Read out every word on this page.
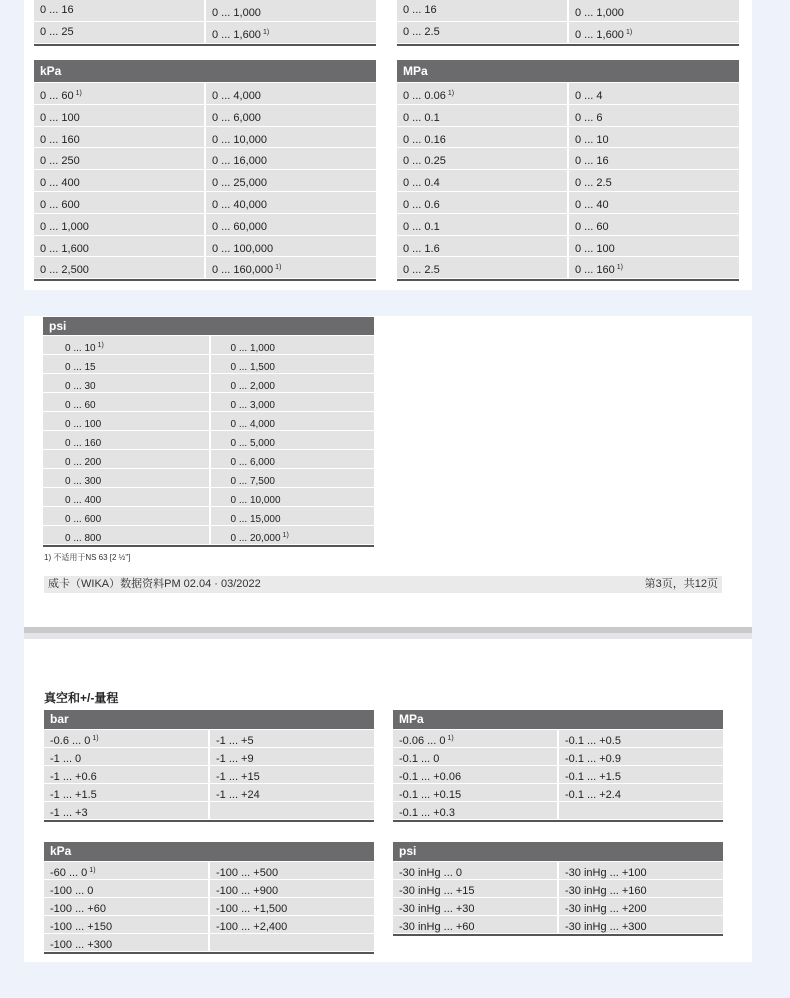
0 ... 16	0 ... 1,000
0 ... 25	0 ... 1,600 $^{1)}$
0 ... 16	0 ... 1,000
0 ... 2.5	0 ... 1,600 $^{1)}$
kPa
0 ... 60 $^{1)}$	0 ... 4,000
0 ... 100	0 ... 6,000
0 ... 160	0 ... 10,000
0 ... 250	0 ... 16,000
0 ... 400	0 ... 25,000
0 ... 600	0 ... 40,000
0 ... 1,000	0 ... 60,000
0 ... 1,600	0 ... 100,000
0 ... 2,500	0 ... 160,000 $^{1)}$
MPa
0 ... 0.06 $^{1)}$	0 ... 4
0 ... 0.1	0 ... 6
0 ... 0.16	0 ... 10
0 ... 0.25	0 ... 16
0 ... 0.4	0 ... 2.5
0 ... 0.6	0 ... 40
0 ... 0.1	0 ... 60
0 ... 1.6	0 ... 100
0 ... 2.5	0 ... 160 $^{1)}$
psi
0 ... 10 $^{1)}$	0 ... 1,000
0 ... 15	0 ... 1,500
0 ... 30	0 ... 2,000
0 ... 60	0 ... 3,000
0 ... 100	0 ... 4,000
0 ... 160	0 ... 5,000
0 ... 200	0 ... 6,000
0 ... 300	0 ... 7,500
0 ... 400	0 ... 10,000
0 ... 600	0 ... 15,000
0 ... 800	0 ... 20,000 $^{1)}$
1) 不适用于NS 63 [2 ½"]
威卡（WIKA）数据资料PM 02.04 · 03/2022	第3页，共12页
真空和+/-量程
bar
-0.6 ... 0 $^{1)}$	-1 ... +5
-1 ... 0	-1 ... +9
-1 ... +0.6	-1 ... +15
-1 ... +1.5	-1 ... +24
-1 ... +3
MPa
-0.06 ... 0 $^{1)}$	-0.1 ... +0.5
-0.1 ... 0	-0.1 ... +0.9
-0.1 ... +0.06	-0.1 ... +1.5
-0.1 ... +0.15	-0.1 ... +2.4
-0.1 ... +0.3
kPa
-60 ... 0 $^{1)}$	-100 ... +500
-100 ... 0	-100 ... +900
-100 ... +60	-100 ... +1,500
-100 ... +150	-100 ... +2,400
-100 ... +300
psi
-30 inHg ... 0	-30 inHg ... +100
-30 inHg ... +15	-30 inHg ... +160
-30 inHg ... +30	-30 inHg ... +200
-30 inHg ... +60	-30 inHg ... +300
